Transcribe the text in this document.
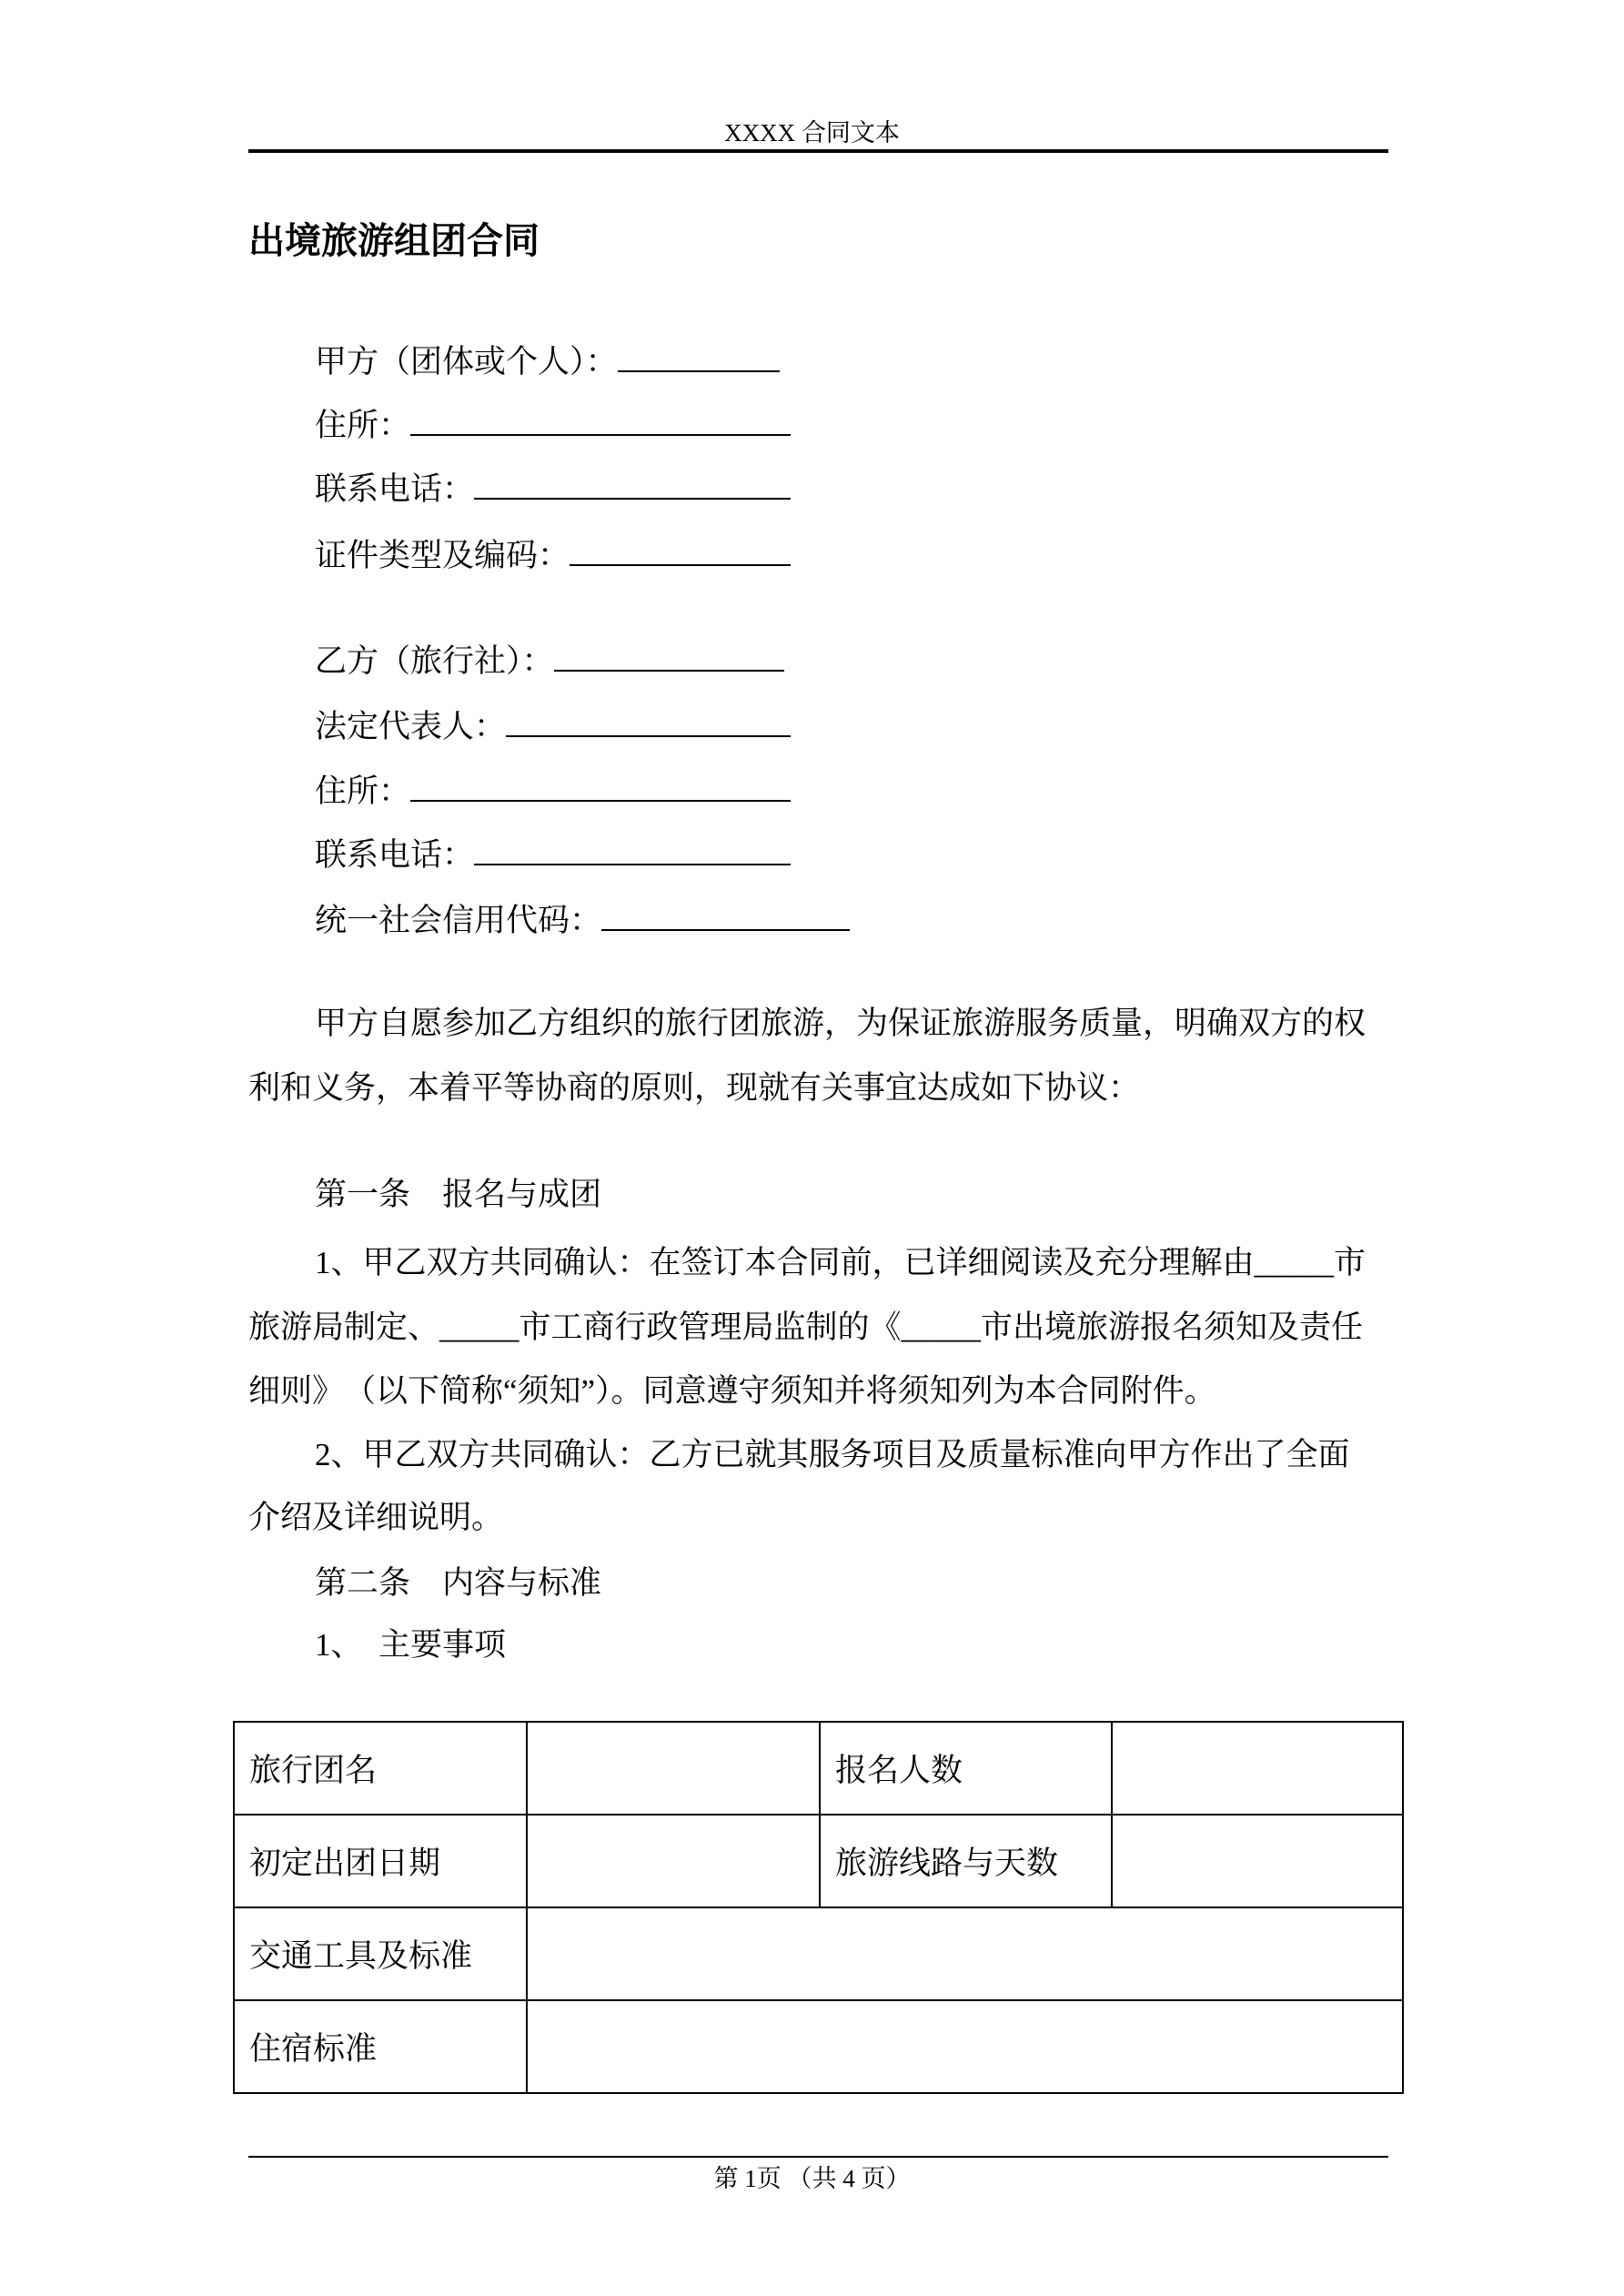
XXXX 合同文本
出境旅游组团合同
甲方（团体或个人）：
住所：
联系电话：
证件类型及编码：
乙方（旅行社）：
法定代表人：
住所：
联系电话：
统一社会信用代码：
甲方自愿参加乙方组织的旅行团旅游，为保证旅游服务质量，明确双方的权
利和义务，本着平等协商的原则，现就有关事宜达成如下协议：
第一条　报名与成团
1、甲乙双方共同确认：在签订本合同前，已详细阅读及充分理解由_____市
旅游局制定、_____市工商行政管理局监制的《_____市出境旅游报名须知及责任
细则》　（以下简称“须知”）。同意遵守须知并将须知列为本合同附件。
2、甲乙双方共同确认：乙方已就其服务项目及质量标准向甲方作出了全面
介绍及详细说明。
第二条　内容与标准
1、　主要事项
旅行团名		报名人数	
初定出团日期		旅游线路与天数	
交通工具及标准			
住宿标准			
第 1页 （共 4 页）
